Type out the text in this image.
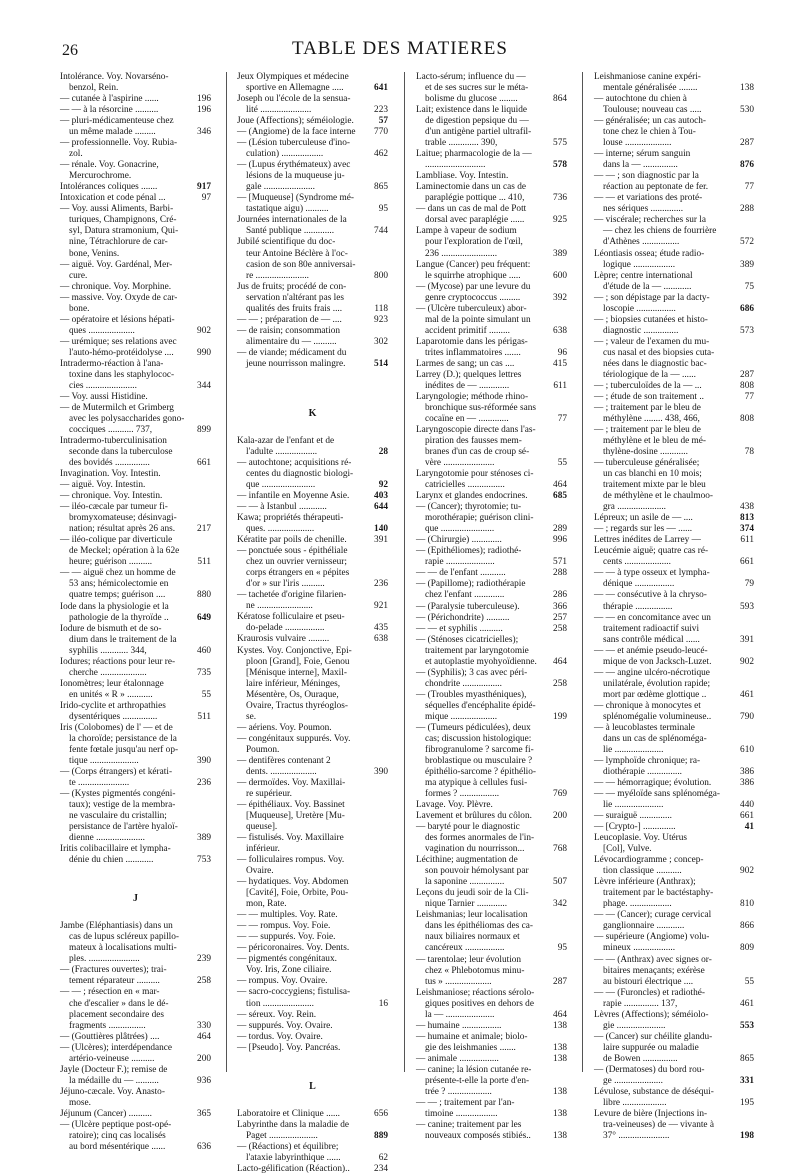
26	TABLE DES MATIERES
Intolérance. Voy. Novarséno-
benzol, Rein.
— cutanée à l'aspirine ......	196
— — à la résorcine ..........	196
— pluri-médicamenteuse chez
un même malade .........	346
— professionnelle. Voy. Rubia-
zol.
— rénale. Voy. Gonacrine,
Mercurochrome.
Intolérances coliques .......	917
Intoxication et code pénal ...	97
— Voy. aussi Aliments, Barbi-
turiques, Champignons, Cré-
syl, Datura stramonium, Qui-
nine, Tétrachlorure de car-
bone, Venins.
— aiguë. Voy. Gardénal, Mer-
cure.
— chronique. Voy. Morphine.
— massive. Voy. Oxyde de car-
bone.
— opératoire et lésions hépati-
ques ....................	902
— urémique; ses relations avec
l'auto-hémo-protéidolyse ....	990
Intradermo-réaction à l'ana-
toxine dans les staphylococ-
cies ......................	344
— Voy. aussi Histidine.
— de Mutermilch et Grimberg
avec les polysaccharides gono-
cocciques ........... 737,	899
Intradermo-tuberculinisation
seconde dans la tuberculose
des bovidés ...............	661
Invagination. Voy. Intestin.
— aiguë. Voy. Intestin.
— chronique. Voy. Intestin.
— iléo-cæcale par tumeur fi-
bromyxomateuse; désinvagi-
nation; résultat après 26 ans.	217
— iléo-colique par diverticule
de Meckel; opération à la 62e
heure; guérison ..........	511
— — aiguë chez un homme de
53 ans; hémicolectomie en
quatre temps; guérison ....	880
Iode dans la physiologie et la
pathologie de la thyroïde ..	649
Iodure de bismuth et de so-
dium dans le traitement de la
syphilis ............ 344,	460
Iodures; réactions pour leur re-
cherche ....................	735
Ionomètres; leur étalonnage
en unités « R » ...........	55
Irido-cyclite et arthropathies
dysentériques ...............	511
Iris (Colobomes) de l' — et de
la choroïde; persistance de la
fente fœtale jusqu'au nerf op-
tique .....................	390
— (Corps étrangers) et kérati-
te ......................	236
— (Kystes pigmentés congéni-
taux); vestige de la membra-
ne vasculaire du cristallin;
persistance de l'artère hyaloï-
dienne .....................	389
Iritis colibacillaire et lympha-
dénie du chien ............	753
J
Jambe (Eléphantiasis) dans un
cas de lupus scléreux papillo-
mateux à localisations multi-
ples. ......................	239
— (Fractures ouvertes); trai-
tement réparateur ..........	258
— — ; résection en « mar-
che d'escalier » dans le dé-
placement secondaire des
fragments ................	330
— (Gouttières plâtrées) ....	464
— (Ulcères); interdépendance
artério-veineuse ..........	200
Jayle (Docteur F.); remise de
la médaille du — ..........	936
Jéjuno-cæcale. Voy. Anasto-
mose.
Jéjunum (Cancer) ..........	365
— (Ulcère peptique post-opé-
ratoire); cinq cas localisés
au bord mésentérique ......	636
Jeux Olympiques et médecine
sportive en Allemagne .....	641
Joseph ou l'école de la sensua-
lité ......................	223
Joue (Affections); séméiologie.	57
— (Angiome) de la face interne	770
— (Lésion tuberculeuse d'ino-
culation) ..................	462
— (Lupus érythémateux) avec
lésions de la muqueuse ju-
gale ......................	865
— [Muqueuse] (Syndrome mé-
tastatique aigu) ..........	95
Journées internationales de la
Santé publique .............	744
Jubilé scientifique du doc-
teur Antoine Béclère à l'oc-
casion de son 80e anniversai-
re .......................	800
Jus de fruits; procédé de con-
servation n'altérant pas les
qualités des fruits frais ....	118
— — ; préparation de — ....	923
— de raisin; consommation
alimentaire du — ..........	302
— de viande; médicament du
jeune nourrisson malingre.	514
K
Kala-azar de l'enfant et de
l'adulte ..................	28
— autochtone; acquisitions ré-
centes du diagnostic biologi-
que .......................	92
— infantile en Moyenne Asie.	403
— — à Istanbul ............	644
Kawa; propriétés thérapeuti-
ques. ....................	140
Kératite par poils de chenille.	391
— ponctuée sous - épithéliale
chez un ouvrier vernisseur;
corps étrangers en « pépites
d'or » sur l'iris ..........	236
— tachetée d'origine filarien-
ne ........................	921
Kératose folliculaire et pseu-
do-pelade .................	435
Kraurosis vulvaire .........	638
Kystes. Voy. Conjonctive, Epi-
ploon [Grand], Foie, Genou
[Ménisque interne], Maxil-
laire inférieur, Méninges,
Mésentère, Os, Ouraque,
Ovaire, Tractus thyréoglos-
se.
— aériens. Voy. Poumon.
— congénitaux suppurés. Voy.
Poumon.
— dentifères contenant 2
dents. ....................	390
— dermoïdes. Voy. Maxillai-
re supérieur.
— épithéliaux. Voy. Bassinet
[Muqueuse], Uretère [Mu-
queuse].
— fistulisés. Voy. Maxillaire
inférieur.
— folliculaires rompus. Voy.
Ovaire.
— hydatiques. Voy. Abdomen
[Cavité], Foie, Orbite, Pou-
mon, Rate.
— — multiples. Voy. Rate.
— — rompus. Voy. Foie.
— — suppurés. Voy. Foie.
— péricoronaires. Voy. Dents.
— pigmentés congénitaux.
Voy. Iris, Zone ciliaire.
— rompus. Voy. Ovaire.
— sacro-coccygiens; fistulisa-
tion ......................	16
— séreux. Voy. Rein.
— suppurés. Voy. Ovaire.
— tordus. Voy. Ovaire.
— [Pseudo]. Voy. Pancréas.
L
Laboratoire et Clinique ......	656
Labyrinthe dans la maladie de
Paget .....................	889
— (Réactions) et équilibre;
l'ataxie labyrinthique ......	62
Lacto-gélification (Réaction)..	234
Lacto-sérum; influence du —
et de ses sucres sur le méta-
bolisme du glucose ........	864
Lait; existence dans le liquide
de digestion pepsique du —
d'un antigène partiel ultrafil-
trable ............. 390,	575
Laitue; pharmacologie de la —
..........................	578
Lambliase. Voy. Intestin.
Laminectomie dans un cas de
paraplégie pottique ... 410,	736
— dans un cas de mal de Pott
dorsal avec paraplégie ......	925
Lampe à vapeur de sodium
pour l'exploration de l'œil,
236 ........................	389
Langue (Cancer) peu fréquent:
le squirrhe atrophique .....	600
— (Mycose) par une levure du
genre cryptococcus .........	392
— (Ulcère tuberculeux) abor-
mal de la pointe simulant un
accident primitif .........	638
Laparotomie dans les périgas-
trites inflammatoires .......	96
Larmes de sang; un cas ....	415
Larrey (D.); quelques lettres
inédites de — .............	611
Laryngologie; méthode rhino-
bronchique sus-réformée sans
cocaïne en — .............	77
Laryngoscopie directe dans l'as-
piration des fausses mem-
branes d'un cas de croup sé-
vère ......................	55
Laryngotomie pour sténoses ci-
catricielles ................	464
Larynx et glandes endocrines.	685
— (Cancer); thyrotomie; tu-
morothérapie; guérison clini-
que .......................	289
— (Chirurgie) .............	996
— (Epithéliomes); radiothé-
rapie .....................	571
— — de l'enfant ...........	288
— (Papillome); radiothérapie
chez l'enfant .............	286
— (Paralysie tuberculeuse).	366
— (Périchondrite) ..........	257
— — et syphilis ..........	258
— (Sténoses cicatricielles);
traitement par laryngotomie
et autoplastie myohyoïdienne.	464
— (Syphilis); 3 cas avec péri-
chondrite .................	258
— (Troubles myasthéniques),
séquelles d'encéphalite épidé-
mique ....................	199
— (Tumeurs pédiculées), deux
cas; discussion histologique:
fibrogranulome ? sarcome fi-
broblastique ou musculaire ?
épithélio-sarcome ? épithélio-
ma atypique à cellules fusi-
formes ? .................	769
Lavage. Voy. Plèvre.
Lavement et brûlures du côlon.	200
— baryté pour le diagnostic
des formes anormales de l'in-
vagination du nourrisson...	768
Lécithine; augmentation de
son pouvoir hémolysant par
la saponine ...............	507
Leçons du jeudi soir de la Cli-
nique Tarnier .............	342
Leishmanias; leur localisation
dans les épithéliomas des ca-
naux biliaires normaux et
cancéreux .................	95
— tarentolae; leur évolution
chez « Phlebotomus minu-
tus » ....................	287
Leishmaniose; réactions sérolo-
giques positives en dehors de
la — .....................	464
— humaine .................	138
— humaine et animale; biolo-
gie des leishmanies .......	138
— animale .................	138
— canine; la lésion cutanée re-
présente-t-elle la porte d'en-
trée ? ...................	138
— — ; traitement par l'an-
timoine ..................	138
— canine; traitement par les
nouveaux composés stibiés..	138
Leishmaniose canine expéri-
mentale généralisée ........	138
— autochtone du chien à
Toulouse; nouveau cas .....	530
— généralisée; un cas autoch-
tone chez le chien à Tou-
louse ....................	287
— interne; sérum sanguin
dans la — ...............	876
— — ; son diagnostic par la
réaction au peptonate de fer.	77
— — et variations des proté-
nes sériques ..............	288
— viscérale; recherches sur la
— chez les chiens de fourrière
d'Athènes ................	572
Léontiasis ossea; étude radio-
logique ..................	389
Lèpre; centre international
d'étude de la — ............	75
— ; son dépistage par la dacty-
loscopie .................	686
— ; biopsies cutanées et histo-
diagnostic ...............	573
— ; valeur de l'examen du mu-
cus nasal et des biopsies cuta-
nées dans le diagnostic bac-
tériologique de la — ......	287
— ; tuberculoïdes de la — ...	808
— ; étude de son traitement ..	77
— ; traitement par le bleu de
méthylène ........ 438, 466,	808
— ; traitement par le bleu de
méthylène et le bleu de mé-
thylène-dosine ............	78
— tuberculeuse généralisée;
un cas blanchi en 10 mois;
traitement mixte par le bleu
de méthylène et le chaulmoo-
gra .....................	438
Lépreux; un asile de — ....	813
— ; regards sur les — ......	374
Lettres inédites de Larrey —	611
Leucémie aiguë; quatre cas ré-
cents ....................	661
— — à type osseux et lympha-
dénique .................	79
— — consécutive à la chryso-
thérapie ................	593
— — en concomitance avec un
traitement radioactif suivi
sans contrôle médical ......	391
— — et anémie pseudo-leucé-
mique de von Jacksch-Luzet.	902
— — angine ulcéro-nécrotique
unilatérale, évolution rapide;
mort par œdème glottique ..	461
— chronique à monocytes et
splénomégalie volumineuse..	790
— à leucoblastes terminale
dans un cas de splénoméga-
lie .....................	610
— lymphoïde chronique; ra-
diothérapie ...............	386
— — hémorragique; évolution.	386
— — myéloïde sans splénoméga-
lie .....................	440
— suraiguë ..............	661
— [Crypto-] ..............	41
Leucoplasie. Voy. Utérus
[Col], Vulve.
Lévocardiogramme ; concep-
tion classique ...........	902
Lèvre inférieure (Anthrax);
traitement par le bactéstaphy-
phage. ..................	810
— — (Cancer); curage cervical
ganglionnaire ............	866
— supérieure (Angiome) volu-
mineux ..................	809
— — (Anthrax) avec signes or-
bitaires menaçants; exérèse
au bistouri électrique ....	55
— — (Furoncles) et radiothé-
rapie ............... 137,	461
Lèvres (Affections); séméiolo-
gie .....................	553
— (Cancer) sur chéilite glandu-
laire suppurée ou maladie
de Bowen ...............	865
— (Dermatoses) du bord rou-
ge .....................	331
Lévulose, substance de déséqui-
libre ...................	195
Levure de bière (Injections in-
tra-veineuses) de — vivante à
37° ......................	198
